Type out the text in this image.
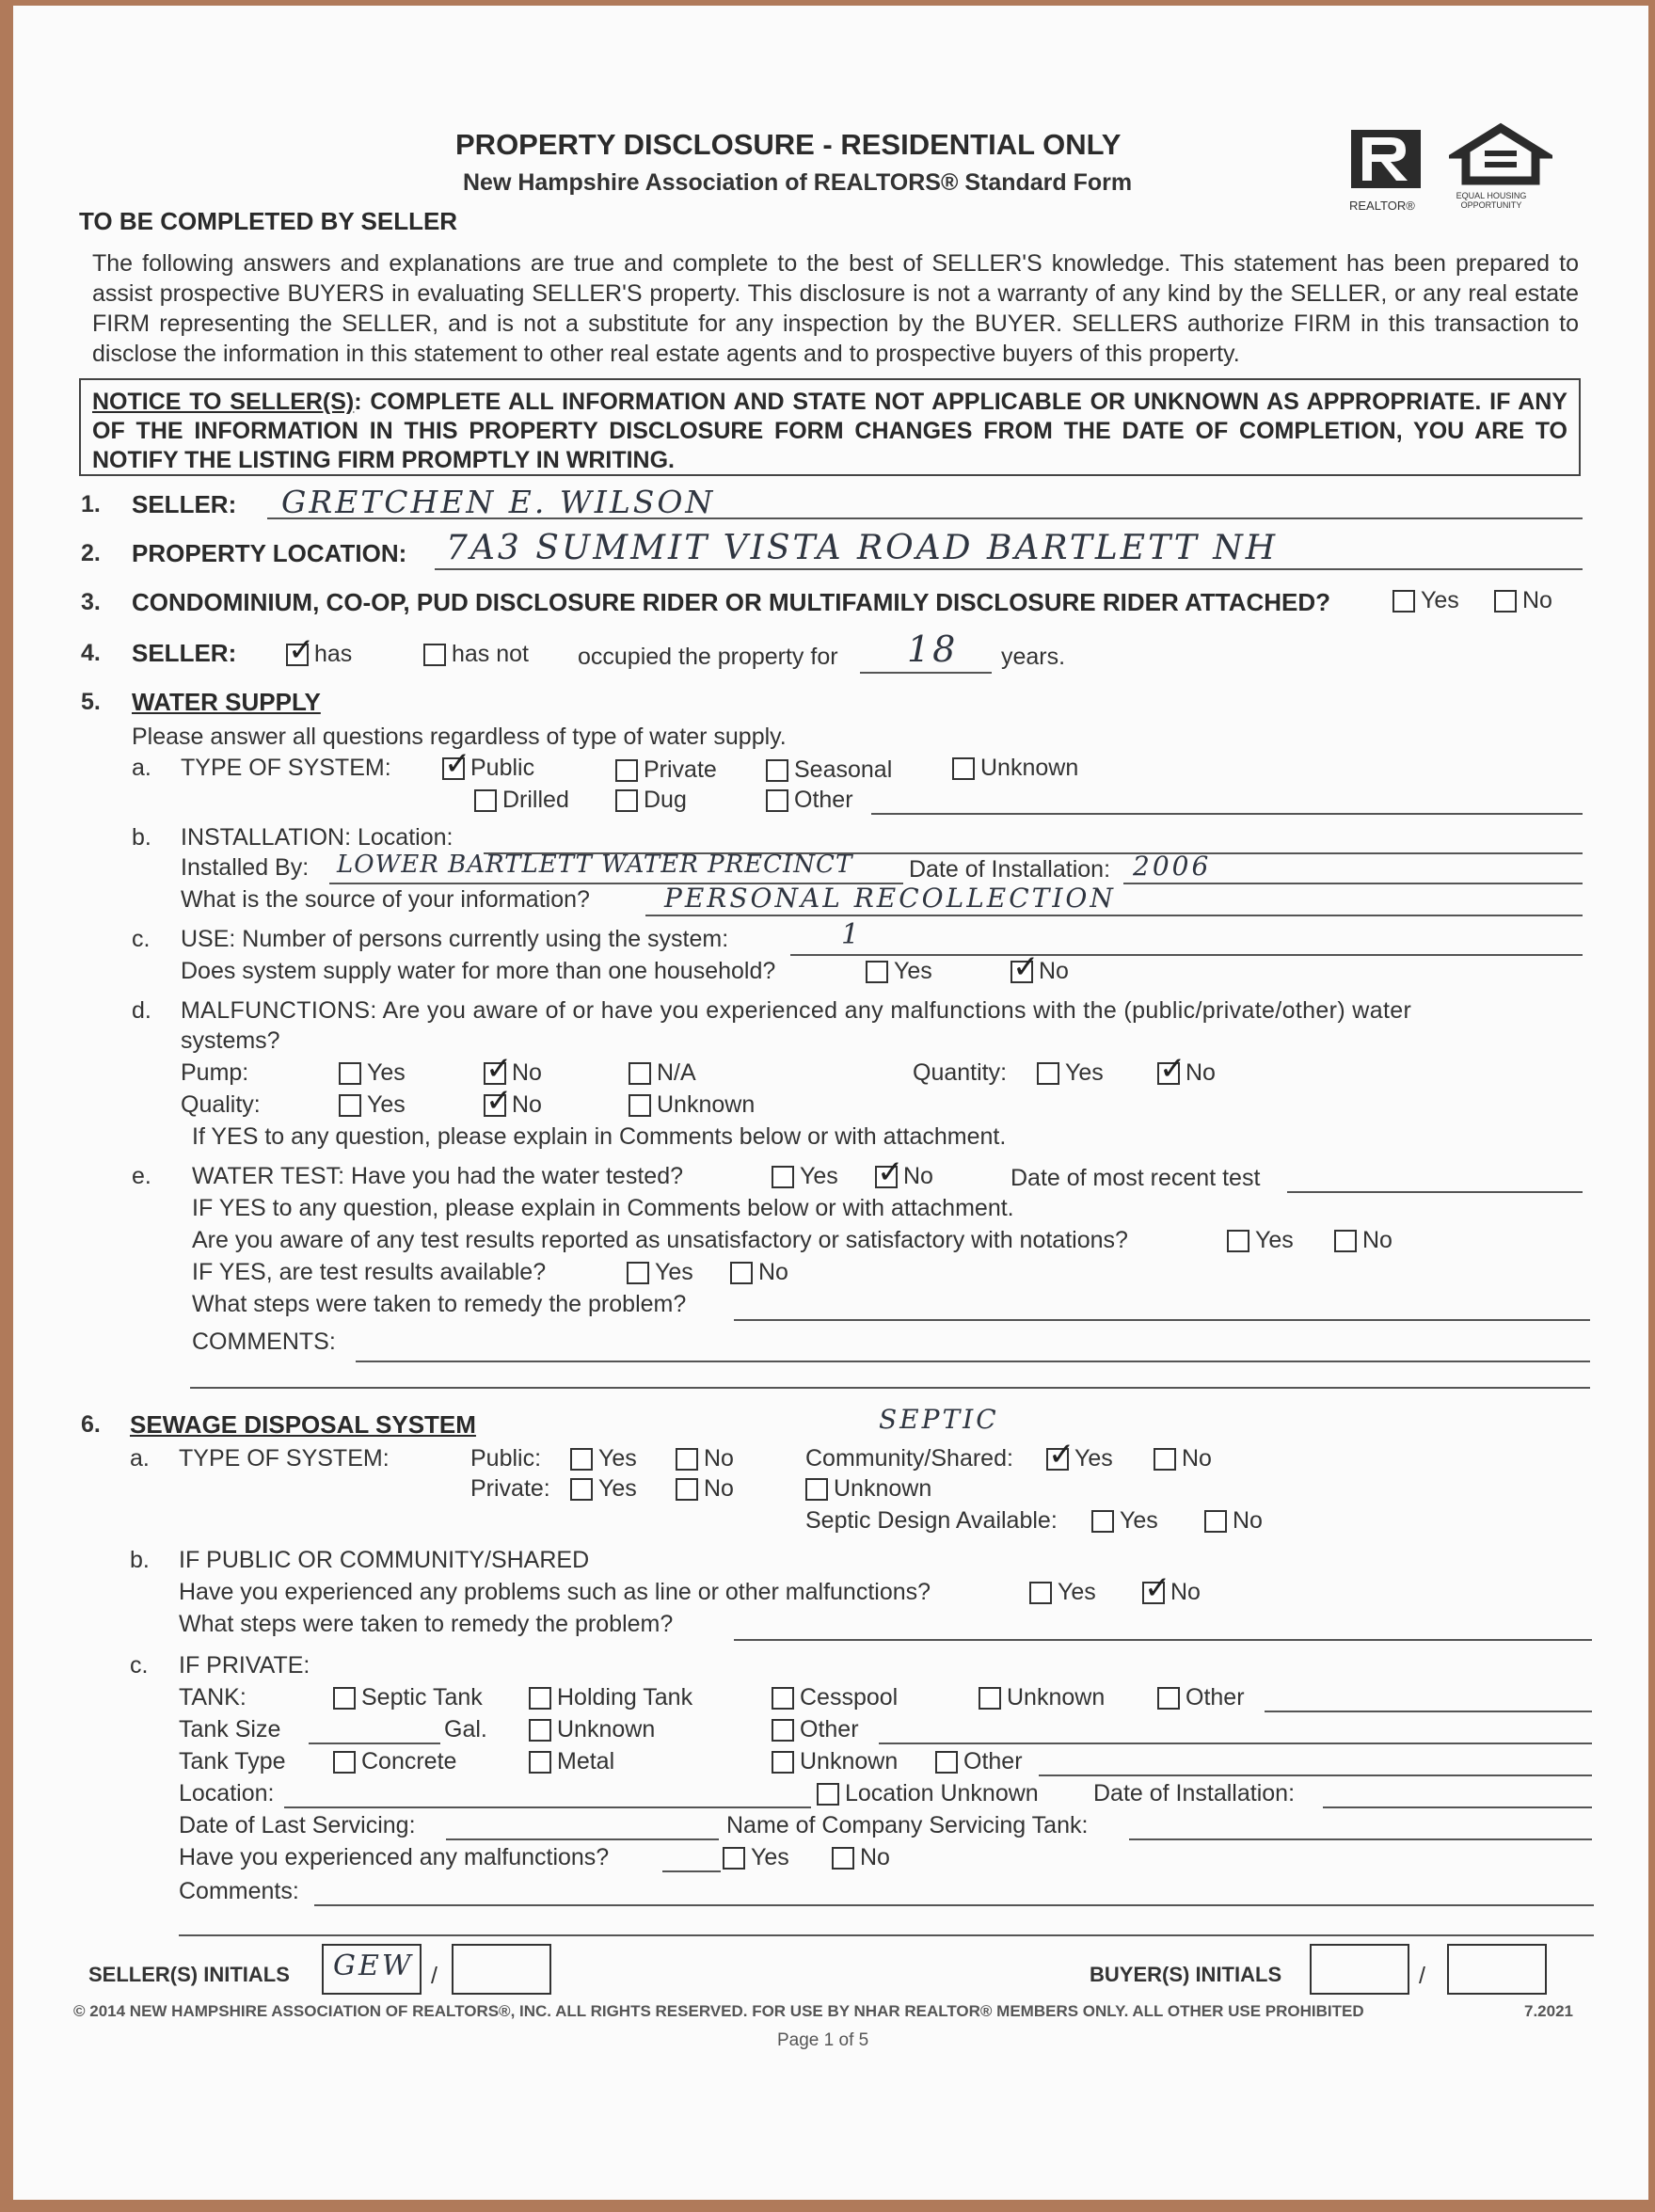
PROPERTY DISCLOSURE - RESIDENTIAL ONLY
New Hampshire Association of REALTORS® Standard Form
REALTOR®
EQUAL HOUSING OPPORTUNITY
TO BE COMPLETED BY SELLER
The following answers and explanations are true and complete to the best of SELLER'S knowledge. This statement has been prepared to assist prospective BUYERS in evaluating SELLER'S property. This disclosure is not a warranty of any kind by the SELLER, or any real estate FIRM representing the SELLER, and is not a substitute for any inspection by the BUYER. SELLERS authorize FIRM in this transaction to disclose the information in this statement to other real estate agents and to prospective buyers of this property.
NOTICE TO SELLER(S): COMPLETE ALL INFORMATION AND STATE NOT APPLICABLE OR UNKNOWN AS APPROPRIATE. IF ANY OF THE INFORMATION IN THIS PROPERTY DISCLOSURE FORM CHANGES FROM THE DATE OF COMPLETION, YOU ARE TO NOTIFY THE LISTING FIRM PROMPTLY IN WRITING.
1. SELLER: GRETCHEN E. WILSON
2. PROPERTY LOCATION: 7A3 SUMMIT VISTA ROAD BARTLETT NH
3. CONDOMINIUM, CO-OP, PUD DISCLOSURE RIDER OR MULTIFAMILY DISCLOSURE RIDER ATTACHED?	Yes	No
4. SELLER: ✓	has	has not occupied the property for 18 years.
5. WATER SUPPLY
Please answer all questions regardless of type of water supply.
a. TYPE OF SYSTEM: ✓	Public	Private	Seasonal	Unknown
Drilled	Dug	Other
b. INSTALLATION: Location:
Installed By: LOWER BARTLETT WATER PRECINCT Date of Installation: 2006
What is the source of your information?	PERSONAL RECOLLECTION
c. USE: Number of persons currently using the system:	1
Does system supply water for more than one household?	Yes ✓	No
d. MALFUNCTIONS: Are you aware of or have you experienced any malfunctions with the (public/private/other) water
systems?
Pump:	Yes ✓	No	N/A	Quantity:	Yes ✓	No
Quality:	Yes ✓	No	Unknown
If YES to any question, please explain in Comments below or with attachment.
e. WATER TEST: Have you had the water tested?	Yes ✓	No	Date of most recent test
IF YES to any question, please explain in Comments below or with attachment.
Are you aware of any test results reported as unsatisfactory or satisfactory with notations?	Yes	No
IF YES, are test results available?	Yes	No
What steps were taken to remedy the problem?
COMMENTS:
6. SEWAGE DISPOSAL SYSTEM	SEPTIC
a. TYPE OF SYSTEM:	Public:	Yes	No	Community/Shared: ✓	Yes	No
Private:	Yes	No	Unknown
Septic Design Available:	Yes	No
b. IF PUBLIC OR COMMUNITY/SHARED
Have you experienced any problems such as line or other malfunctions?	Yes ✓	No
What steps were taken to remedy the problem?
c. IF PRIVATE:
TANK:	Septic Tank	Holding Tank	Cesspool	Unknown	Other
Tank Size	Gal.	Unknown	Other
Tank Type	Concrete	Metal	Unknown	Other
Location:	Location Unknown Date of Installation:
Date of Last Servicing:	Name of Company Servicing Tank:
Have you experienced any malfunctions?	Yes	No
Comments:
SELLER(S) INITIALS GEW /	BUYER(S) INITIALS	/
© 2014 NEW HAMPSHIRE ASSOCIATION OF REALTORS®, INC. ALL RIGHTS RESERVED. FOR USE BY NHAR REALTOR® MEMBERS ONLY. ALL OTHER USE PROHIBITED	7.2021
Page 1 of 5
